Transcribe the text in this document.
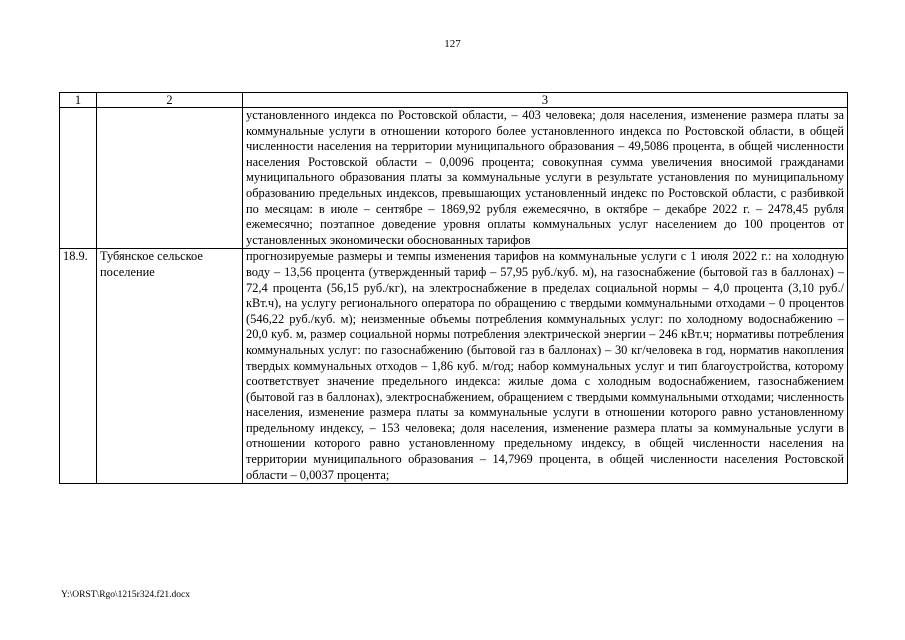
127
1	2	3
		установленного индекса по Ростовской области, – 403 человека; доля населения, изменение размера платы за коммунальные услуги в отношении которого более установленного индекса по Ростовской области, в общей численности населения на территории муниципального образования – 49,5086 процента, в общей численности населения Ростовской области – 0,0096 процента; совокупная сумма увеличения вносимой гражданами муниципального образования платы за коммунальные услуги в результате установления по муниципальному образованию предельных индексов, превышающих установленный индекс по Ростовской области, с разбивкой по месяцам: в июле – сентябре – 1869,92 рубля ежемесячно, в октябре – декабре 2022 г. – 2478,45 рубля ежемесячно; поэтапное доведение уровня оплаты коммунальных услуг населением до 100 процентов от установленных экономически обоснованных тарифов
18.9.	Тубянское сельское поселение	прогнозируемые размеры и темпы изменения тарифов на коммунальные услуги с 1 июля 2022 г.: на холодную воду – 13,56 процента (утвержденный тариф – 57,95 руб./куб. м), на газоснабжение (бытовой газ в баллонах) – 72,4 процента (56,15 руб./кг), на электроснабжение в пределах социальной нормы – 4,0 процента (3,10 руб./кВт.ч), на услугу регионального оператора по обращению с твердыми коммунальными отходами – 0 процентов (546,22 руб./куб. м); неизменные объемы потребления коммунальных услуг: по холодному водоснабжению – 20,0 куб. м, размер социальной нормы потребления электрической энергии – 246 кВт.ч; нормативы потребления коммунальных услуг: по газоснабжению (бытовой газ в баллонах) – 30 кг/человека в год, норматив накопления твердых коммунальных отходов – 1,86 куб. м/год; набор коммунальных услуг и тип благоустройства, которому соответствует значение предельного индекса: жилые дома с холодным водоснабжением, газоснабжением (бытовой газ в баллонах), электроснабжением, обращением с твердыми коммунальными отходами; численность населения, изменение размера платы за коммунальные услуги в отношении которого равно установленному предельному индексу, – 153 человека; доля населения, изменение размера платы за коммунальные услуги в отношении которого равно установленному предельному индексу, в общей численности населения на территории муниципального образования – 14,7969 процента, в общей численности населения Ростовской области – 0,0037 процента;
Y:\ORST\Rgo\1215r324.f21.docx
